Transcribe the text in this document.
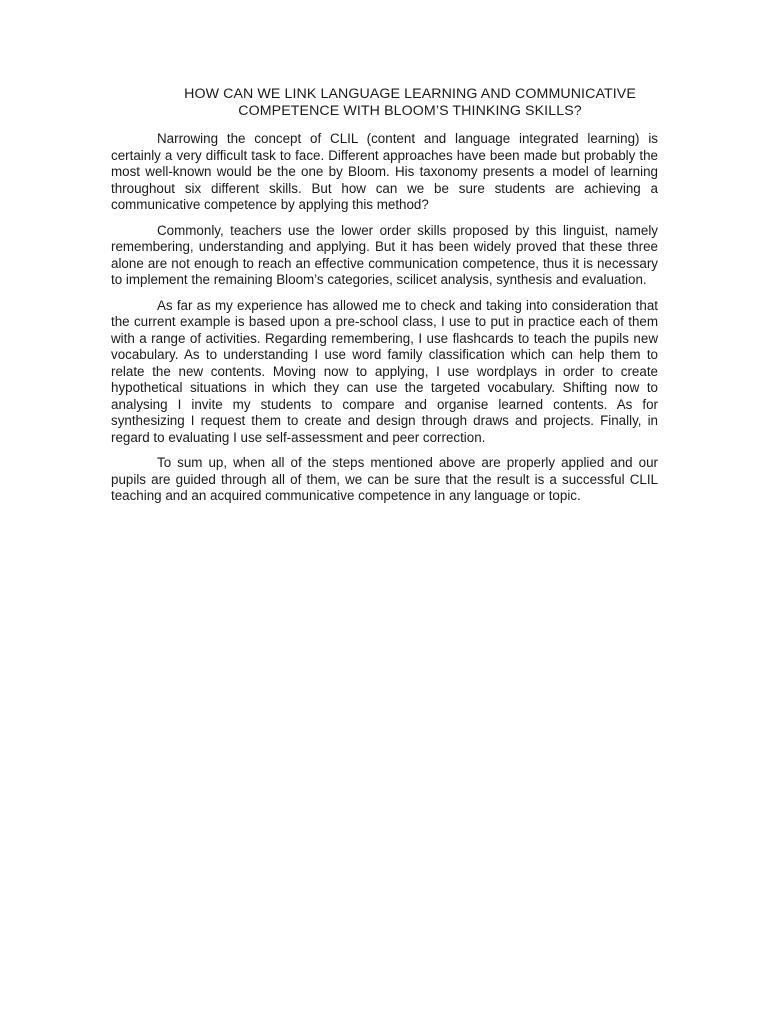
HOW CAN WE LINK LANGUAGE LEARNING AND COMMUNICATIVE
COMPETENCE WITH BLOOM’S THINKING SKILLS?

Narrowing the concept of CLIL (content and language integrated learning) is certainly a very difficult task to face. Different approaches have been made but probably the most well-known would be the one by Bloom. His taxonomy presents a model of learning throughout six different skills. But how can we be sure students are achieving a communicative competence by applying this method?

Commonly, teachers use the lower order skills proposed by this linguist, namely remembering, understanding and applying. But it has been widely proved that these three alone are not enough to reach an effective communication competence, thus it is necessary to implement the remaining Bloom’s categories, scilicet analysis, synthesis and evaluation.

As far as my experience has allowed me to check and taking into consideration that the current example is based upon a pre-school class, I use to put in practice each of them with a range of activities. Regarding remembering, I use flashcards to teach the pupils new vocabulary. As to understanding I use word family classification which can help them to relate the new contents. Moving now to applying, I use wordplays in order to create hypothetical situations in which they can use the targeted vocabulary. Shifting now to analysing I invite my students to compare and organise learned contents. As for synthesizing I request them to create and design through draws and projects. Finally, in regard to evaluating I use self-assessment and peer correction.

To sum up, when all of the steps mentioned above are properly applied and our pupils are guided through all of them, we can be sure that the result is a successful CLIL teaching and an acquired communicative competence in any language or topic.
